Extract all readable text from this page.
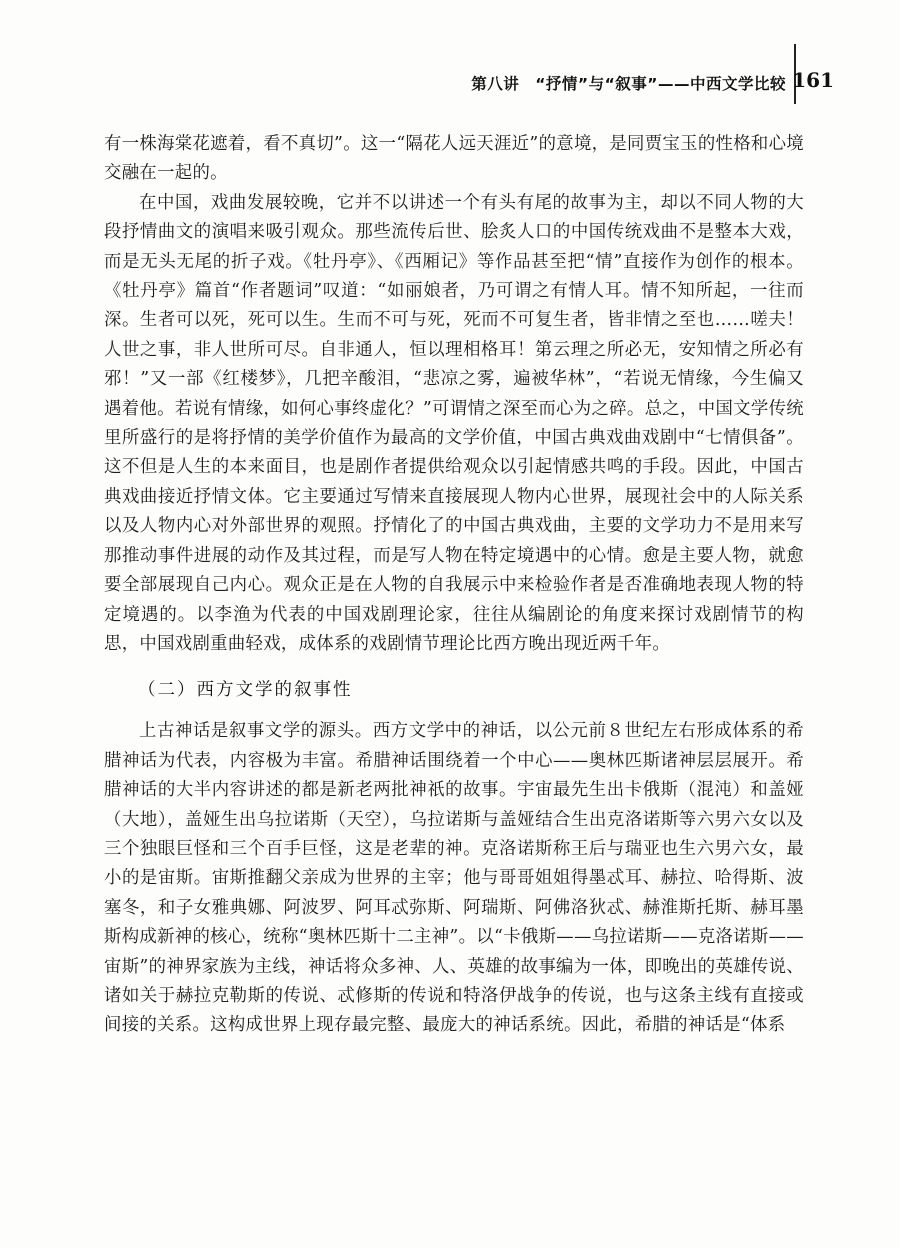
第八讲　“抒情”与“叙事”——中西文学比较 161

有一株海棠花遮着，看不真切”。这一“隔花人远天涯近”的意境，是同贾宝玉的性格和心境交融在一起的。

在中国，戏曲发展较晚，它并不以讲述一个有头有尾的故事为主，却以不同人物的大段抒情曲文的演唱来吸引观众。那些流传后世、脍炙人口的中国传统戏曲不是整本大戏，而是无头无尾的折子戏。《牡丹亭》、《西厢记》等作品甚至把“情”直接作为创作的根本。《牡丹亭》篇首“作者题词”叹道：“如丽娘者，乃可谓之有情人耳。情不知所起，一往而深。生者可以死，死可以生。生而不可与死，死而不可复生者，皆非情之至也……嗟夫！人世之事，非人世所可尽。自非通人，恒以理相格耳！第云理之所必无，安知情之所必有邪！”又一部《红楼梦》，几把辛酸泪，“悲凉之雾，遍被华林”，“若说无情缘，今生偏又遇着他。若说有情缘，如何心事终虚化？”可谓情之深至而心为之碎。总之，中国文学传统里所盛行的是将抒情的美学价值作为最高的文学价值，中国古典戏曲戏剧中“七情俱备”。这不但是人生的本来面目，也是剧作者提供给观众以引起情感共鸣的手段。因此，中国古典戏曲接近抒情文体。它主要通过写情来直接展现人物内心世界，展现社会中的人际关系以及人物内心对外部世界的观照。抒情化了的中国古典戏曲，主要的文学功力不是用来写那推动事件进展的动作及其过程，而是写人物在特定境遇中的心情。愈是主要人物，就愈要全部展现自己内心。观众正是在人物的自我展示中来检验作者是否准确地表现人物的特定境遇的。以李渔为代表的中国戏剧理论家，往往从编剧论的角度来探讨戏剧情节的构思，中国戏剧重曲轻戏，成体系的戏剧情节理论比西方晚出现近两千年。

（二）西方文学的叙事性

上古神话是叙事文学的源头。西方文学中的神话，以公元前８世纪左右形成体系的希腊神话为代表，内容极为丰富。希腊神话围绕着一个中心——奥林匹斯诸神层层展开。希腊神话的大半内容讲述的都是新老两批神祇的故事。宇宙最先生出卡俄斯（混沌）和盖娅（大地），盖娅生出乌拉诺斯（天空），乌拉诺斯与盖娅结合生出克洛诺斯等六男六女以及三个独眼巨怪和三个百手巨怪，这是老辈的神。克洛诺斯称王后与瑞亚也生六男六女，最小的是宙斯。宙斯推翻父亲成为世界的主宰；他与哥哥姐姐得墨忒耳、赫拉、哈得斯、波塞冬，和子女雅典娜、阿波罗、阿耳忒弥斯、阿瑞斯、阿佛洛狄忒、赫淮斯托斯、赫耳墨斯构成新神的核心，统称“奥林匹斯十二主神”。以“卡俄斯——乌拉诺斯——克洛诺斯——宙斯”的神界家族为主线，神话将众多神、人、英雄的故事编为一体，即晚出的英雄传说、诸如关于赫拉克勒斯的传说、忒修斯的传说和特洛伊战争的传说，也与这条主线有直接或间接的关系。这构成世界上现存最完整、最庞大的神话系统。因此，希腊的神话是“体系
